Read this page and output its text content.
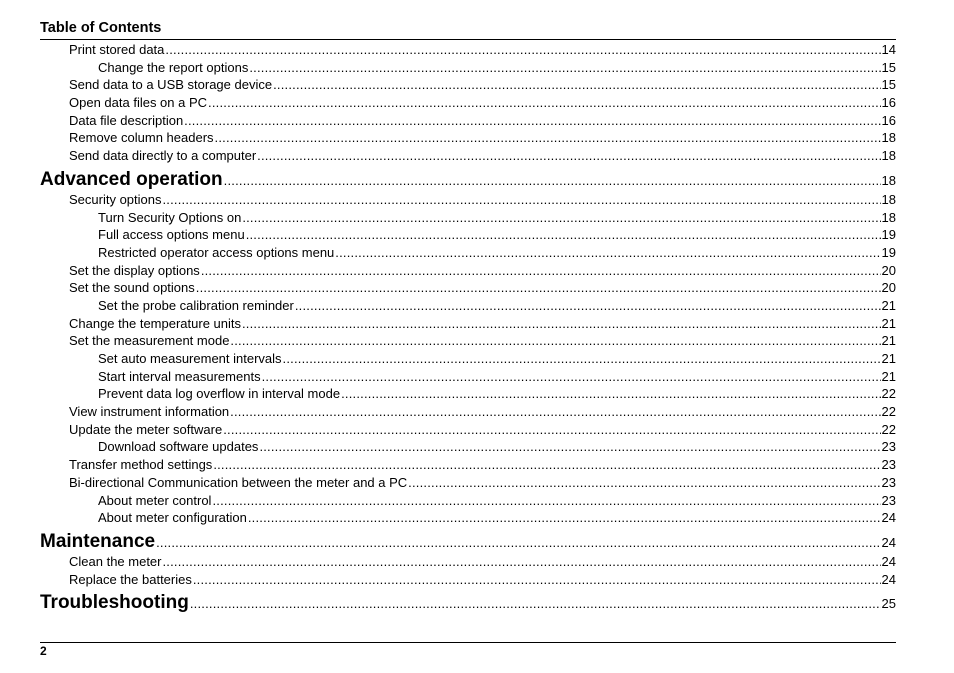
Table of Contents
Print stored data .....	14
Change the report options .....	15
Send data to a USB storage device .....	15
Open data files on a PC .....	16
Data file description .....	16
Remove column headers .....	18
Send data directly to a computer .....	18
Advanced operation .....	18
Security options .....	18
Turn Security Options on .....	18
Full access options menu .....	19
Restricted operator access options menu .....	19
Set the display options .....	20
Set the sound options .....	20
Set the probe calibration reminder .....	21
Change the temperature units .....	21
Set the measurement mode .....	21
Set auto measurement intervals .....	21
Start interval measurements .....	21
Prevent data log overflow in interval mode .....	22
View instrument information .....	22
Update the meter software .....	22
Download software updates .....	23
Transfer method settings .....	23
Bi-directional Communication between the meter and a PC .....	23
About meter control .....	23
About meter configuration .....	24
Maintenance .....	24
Clean the meter .....	24
Replace the batteries .....	24
Troubleshooting .....	25
2
